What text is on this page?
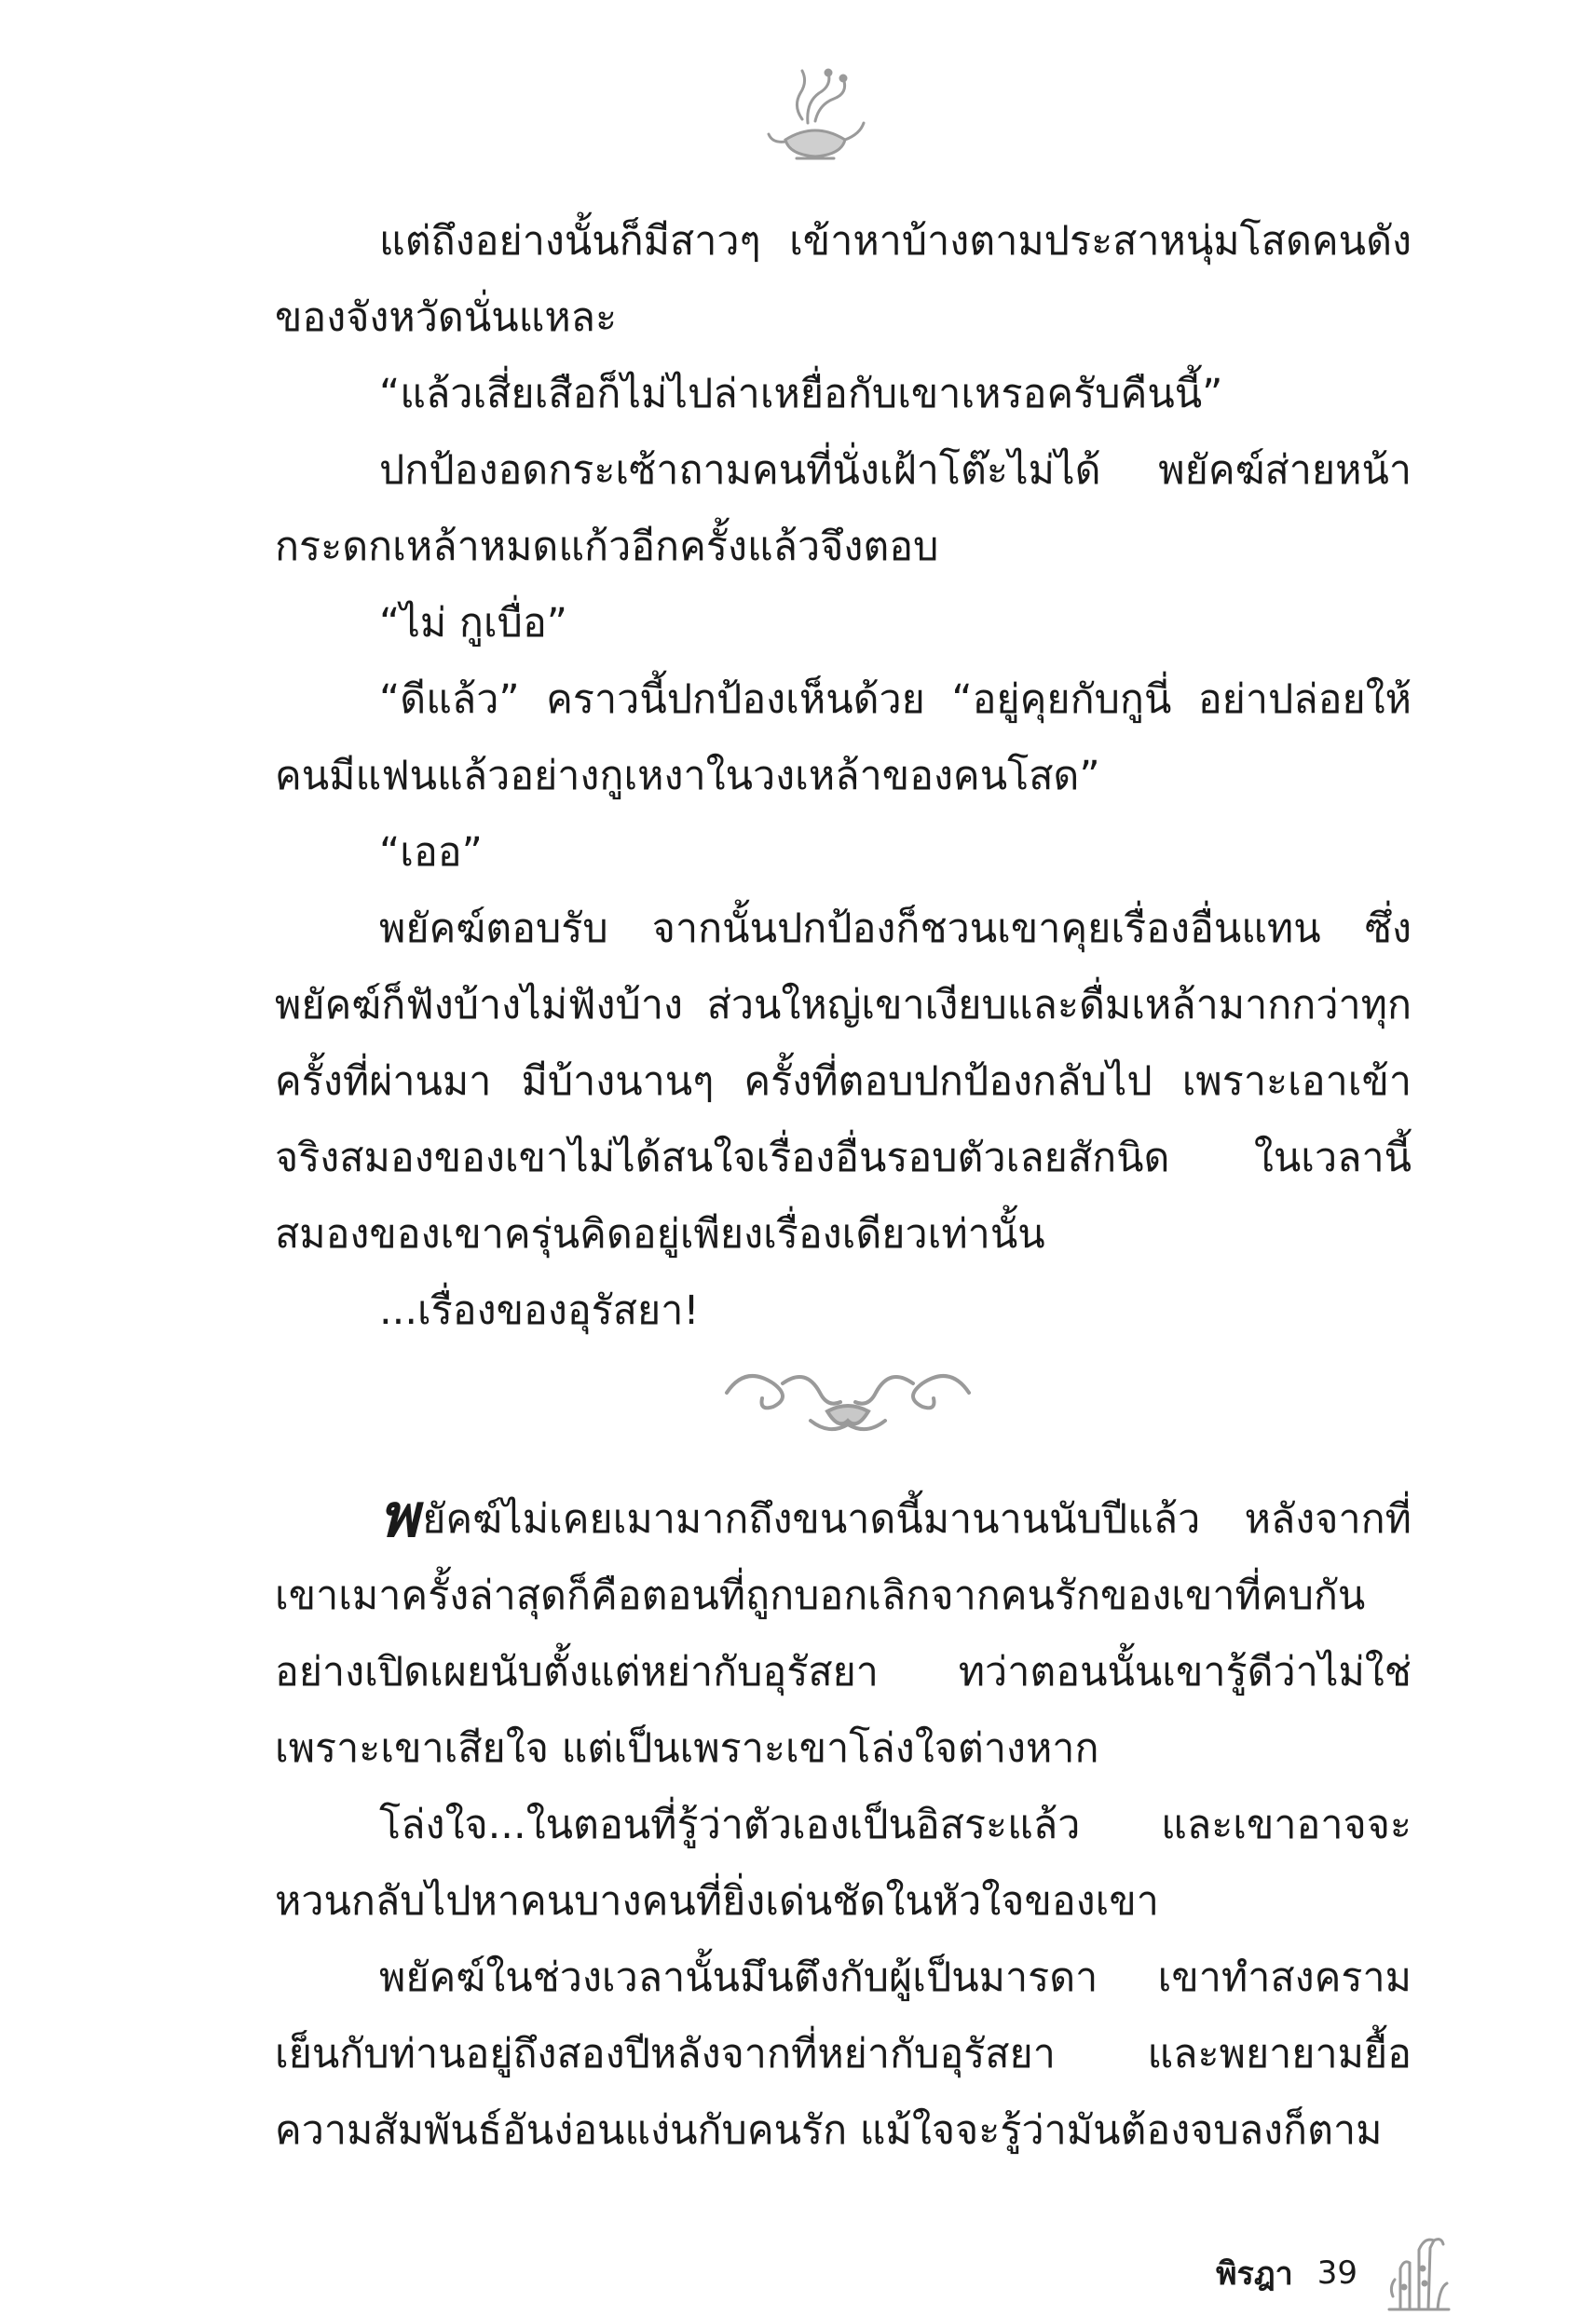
แต่ถึงอย่างนั้นก็มีสาวๆ เข้าหาบ้างตามประสาหนุ่มโสดคนดังของจังหวัดนั่นแหละ

“แล้วเสี่ยเสือก็ไม่ไปล่าเหยื่อกับเขาเหรอครับคืนนี้”

ปกป้องอดกระเซ้าถามคนที่นั่งเฝ้าโต๊ะไม่ได้ พยัคฆ์ส่ายหน้ากระดกเหล้าหมดแก้วอีกครั้งแล้วจึงตอบ

“ไม่ กูเบื่อ”

“ดีแล้ว” คราวนี้ปกป้องเห็นด้วย “อยู่คุยกับกูนี่ อย่าปล่อยให้คนมีแฟนแล้วอย่างกูเหงาในวงเหล้าของคนโสด”

“เออ”

พยัคฆ์ตอบรับ จากนั้นปกป้องก็ชวนเขาคุยเรื่องอื่นแทน ซึ่งพยัคฆ์ก็ฟังบ้างไม่ฟังบ้าง ส่วนใหญ่เขาเงียบและดื่มเหล้ามากกว่าทุกครั้งที่ผ่านมา มีบ้างนานๆ ครั้งที่ตอบปกป้องกลับไป เพราะเอาเข้าจริงสมองของเขาไม่ได้สนใจเรื่องอื่นรอบตัวเลยสักนิด ในเวลานี้สมองของเขาครุ่นคิดอยู่เพียงเรื่องเดียวเท่านั้น

...เรื่องของอุรัสยา!

พยัคฆ์ไม่เคยเมามากถึงขนาดนี้มานานนับปีแล้ว หลังจากที่เขาเมาครั้งล่าสุดก็คือตอนที่ถูกบอกเลิกจากคนรักของเขาที่คบกันอย่างเปิดเผยนับตั้งแต่หย่ากับอุรัสยา ทว่าตอนนั้นเขารู้ดีว่าไม่ใช่เพราะเขาเสียใจ แต่เป็นเพราะเขาโล่งใจต่างหาก

โล่งใจ...ในตอนที่รู้ว่าตัวเองเป็นอิสระแล้ว และเขาอาจจะหวนกลับไปหาคนบางคนที่ยิ่งเด่นชัดในหัวใจของเขา

พยัคฆ์ในช่วงเวลานั้นมึนตึงกับผู้เป็นมารดา เขาทำสงครามเย็นกับท่านอยู่ถึงสองปีหลังจากที่หย่ากับอุรัสยา และพยายามยื้อความสัมพันธ์อันง่อนแง่นกับคนรัก แม้ใจจะรู้ว่ามันต้องจบลงก็ตาม

พิรฎา 39
